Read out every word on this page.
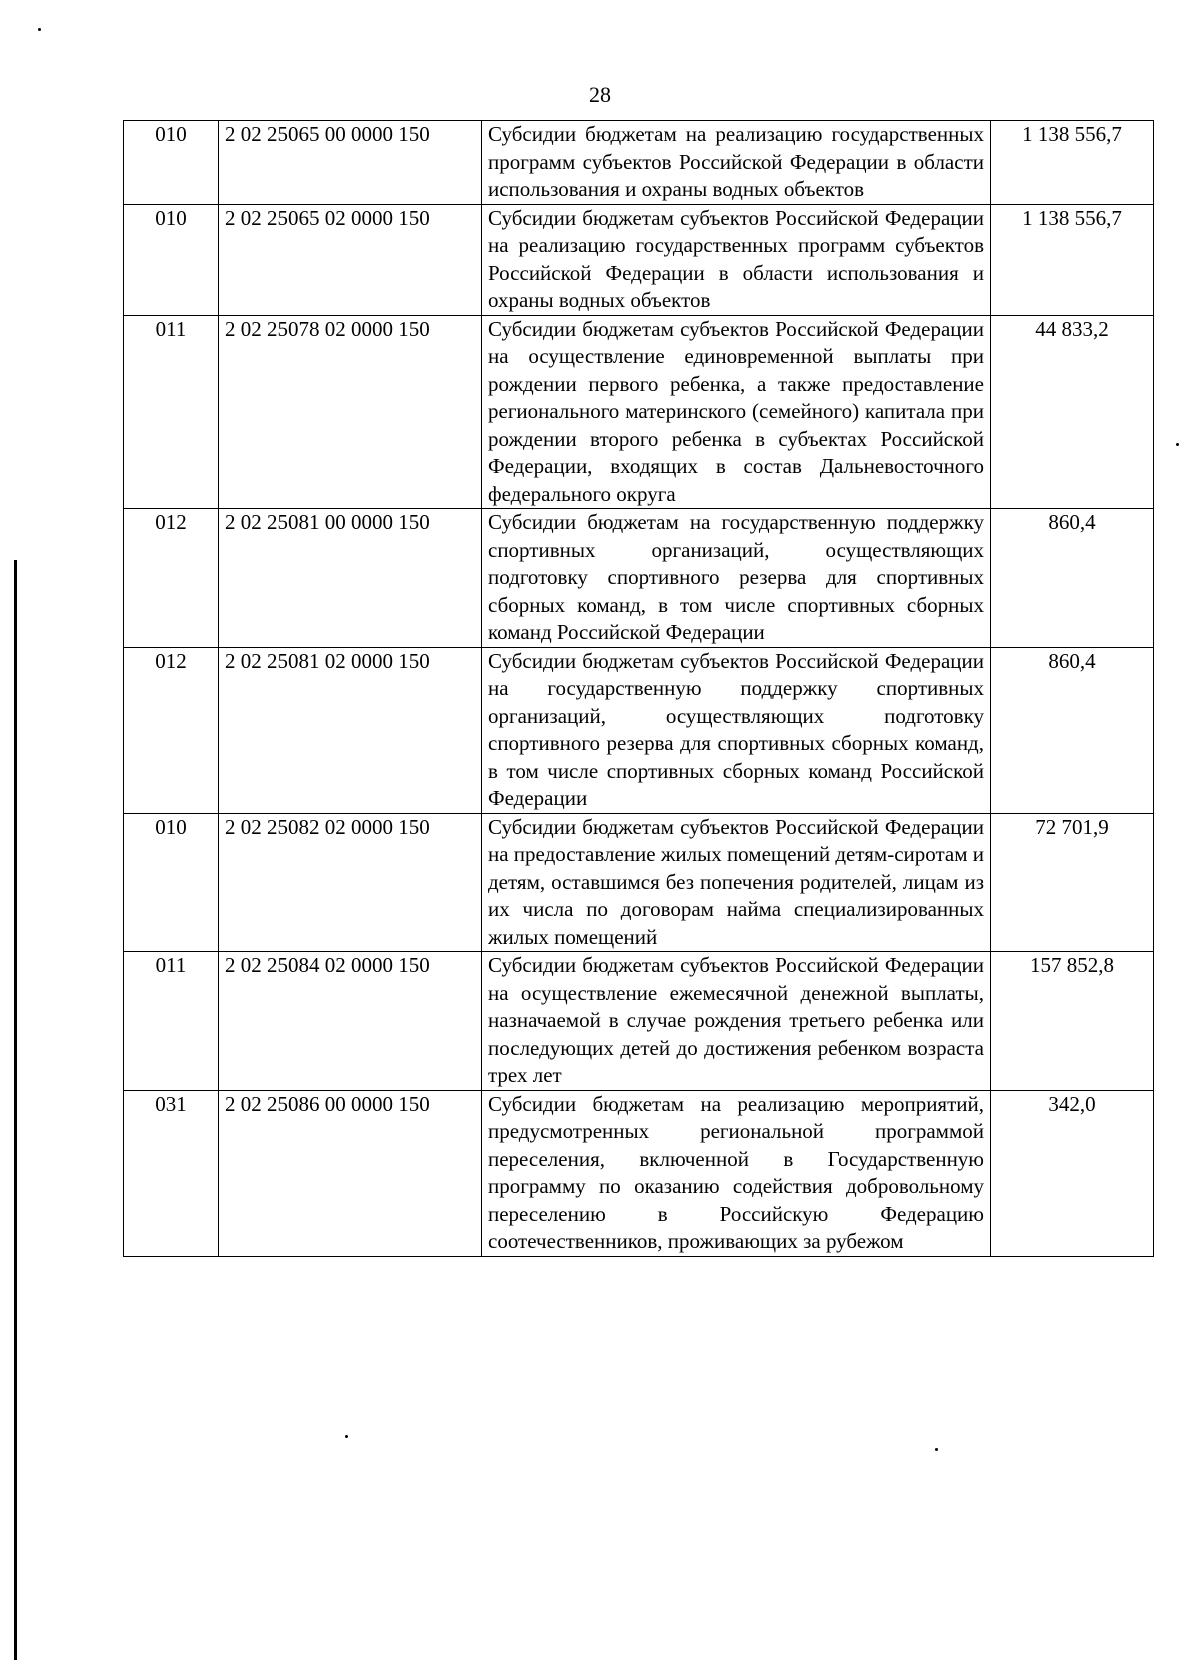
28
010	2 02 25065 00 0000 150	Субсидии бюджетам на реализацию государственных программ субъектов Российской Федерации в области использования и охраны водных объектов	1 138 556,7
010	2 02 25065 02 0000 150	Субсидии бюджетам субъектов Российской Федерации на реализацию государственных программ субъектов Российской Федерации в области использования и охраны водных объектов	1 138 556,7
011	2 02 25078 02 0000 150	Субсидии бюджетам субъектов Российской Федерации на осуществление единовременной выплаты при рождении первого ребенка, а также предоставление регионального материнского (семейного) капитала при рождении второго ребенка в субъектах Российской Федерации, входящих в состав Дальневосточного федерального округа	44 833,2
012	2 02 25081 00 0000 150	Субсидии бюджетам на государственную поддержку спортивных организаций, осуществляющих подготовку спортивного резерва для спортивных сборных команд, в том числе спортивных сборных команд Российской Федерации	860,4
012	2 02 25081 02 0000 150	Субсидии бюджетам субъектов Российской Федерации на государственную поддержку спортивных организаций, осуществляющих подготовку спортивного резерва для спортивных сборных команд, в том числе спортивных сборных команд Российской Федерации	860,4
010	2 02 25082 02 0000 150	Субсидии бюджетам субъектов Российской Федерации на предоставление жилых помещений детям-сиротам и детям, оставшимся без попечения родителей, лицам из их числа по договорам найма специализированных жилых помещений	72 701,9
011	2 02 25084 02 0000 150	Субсидии бюджетам субъектов Российской Федерации на осуществление ежемесячной денежной выплаты, назначаемой в случае рождения третьего ребенка или последующих детей до достижения ребенком возраста трех лет	157 852,8
031	2 02 25086 00 0000 150	Субсидии бюджетам на реализацию мероприятий, предусмотренных региональной программой переселения, включенной в Государственную программу по оказанию содействия добровольному переселению в Российскую Федерацию соотечественников, проживающих за рубежом	342,0
